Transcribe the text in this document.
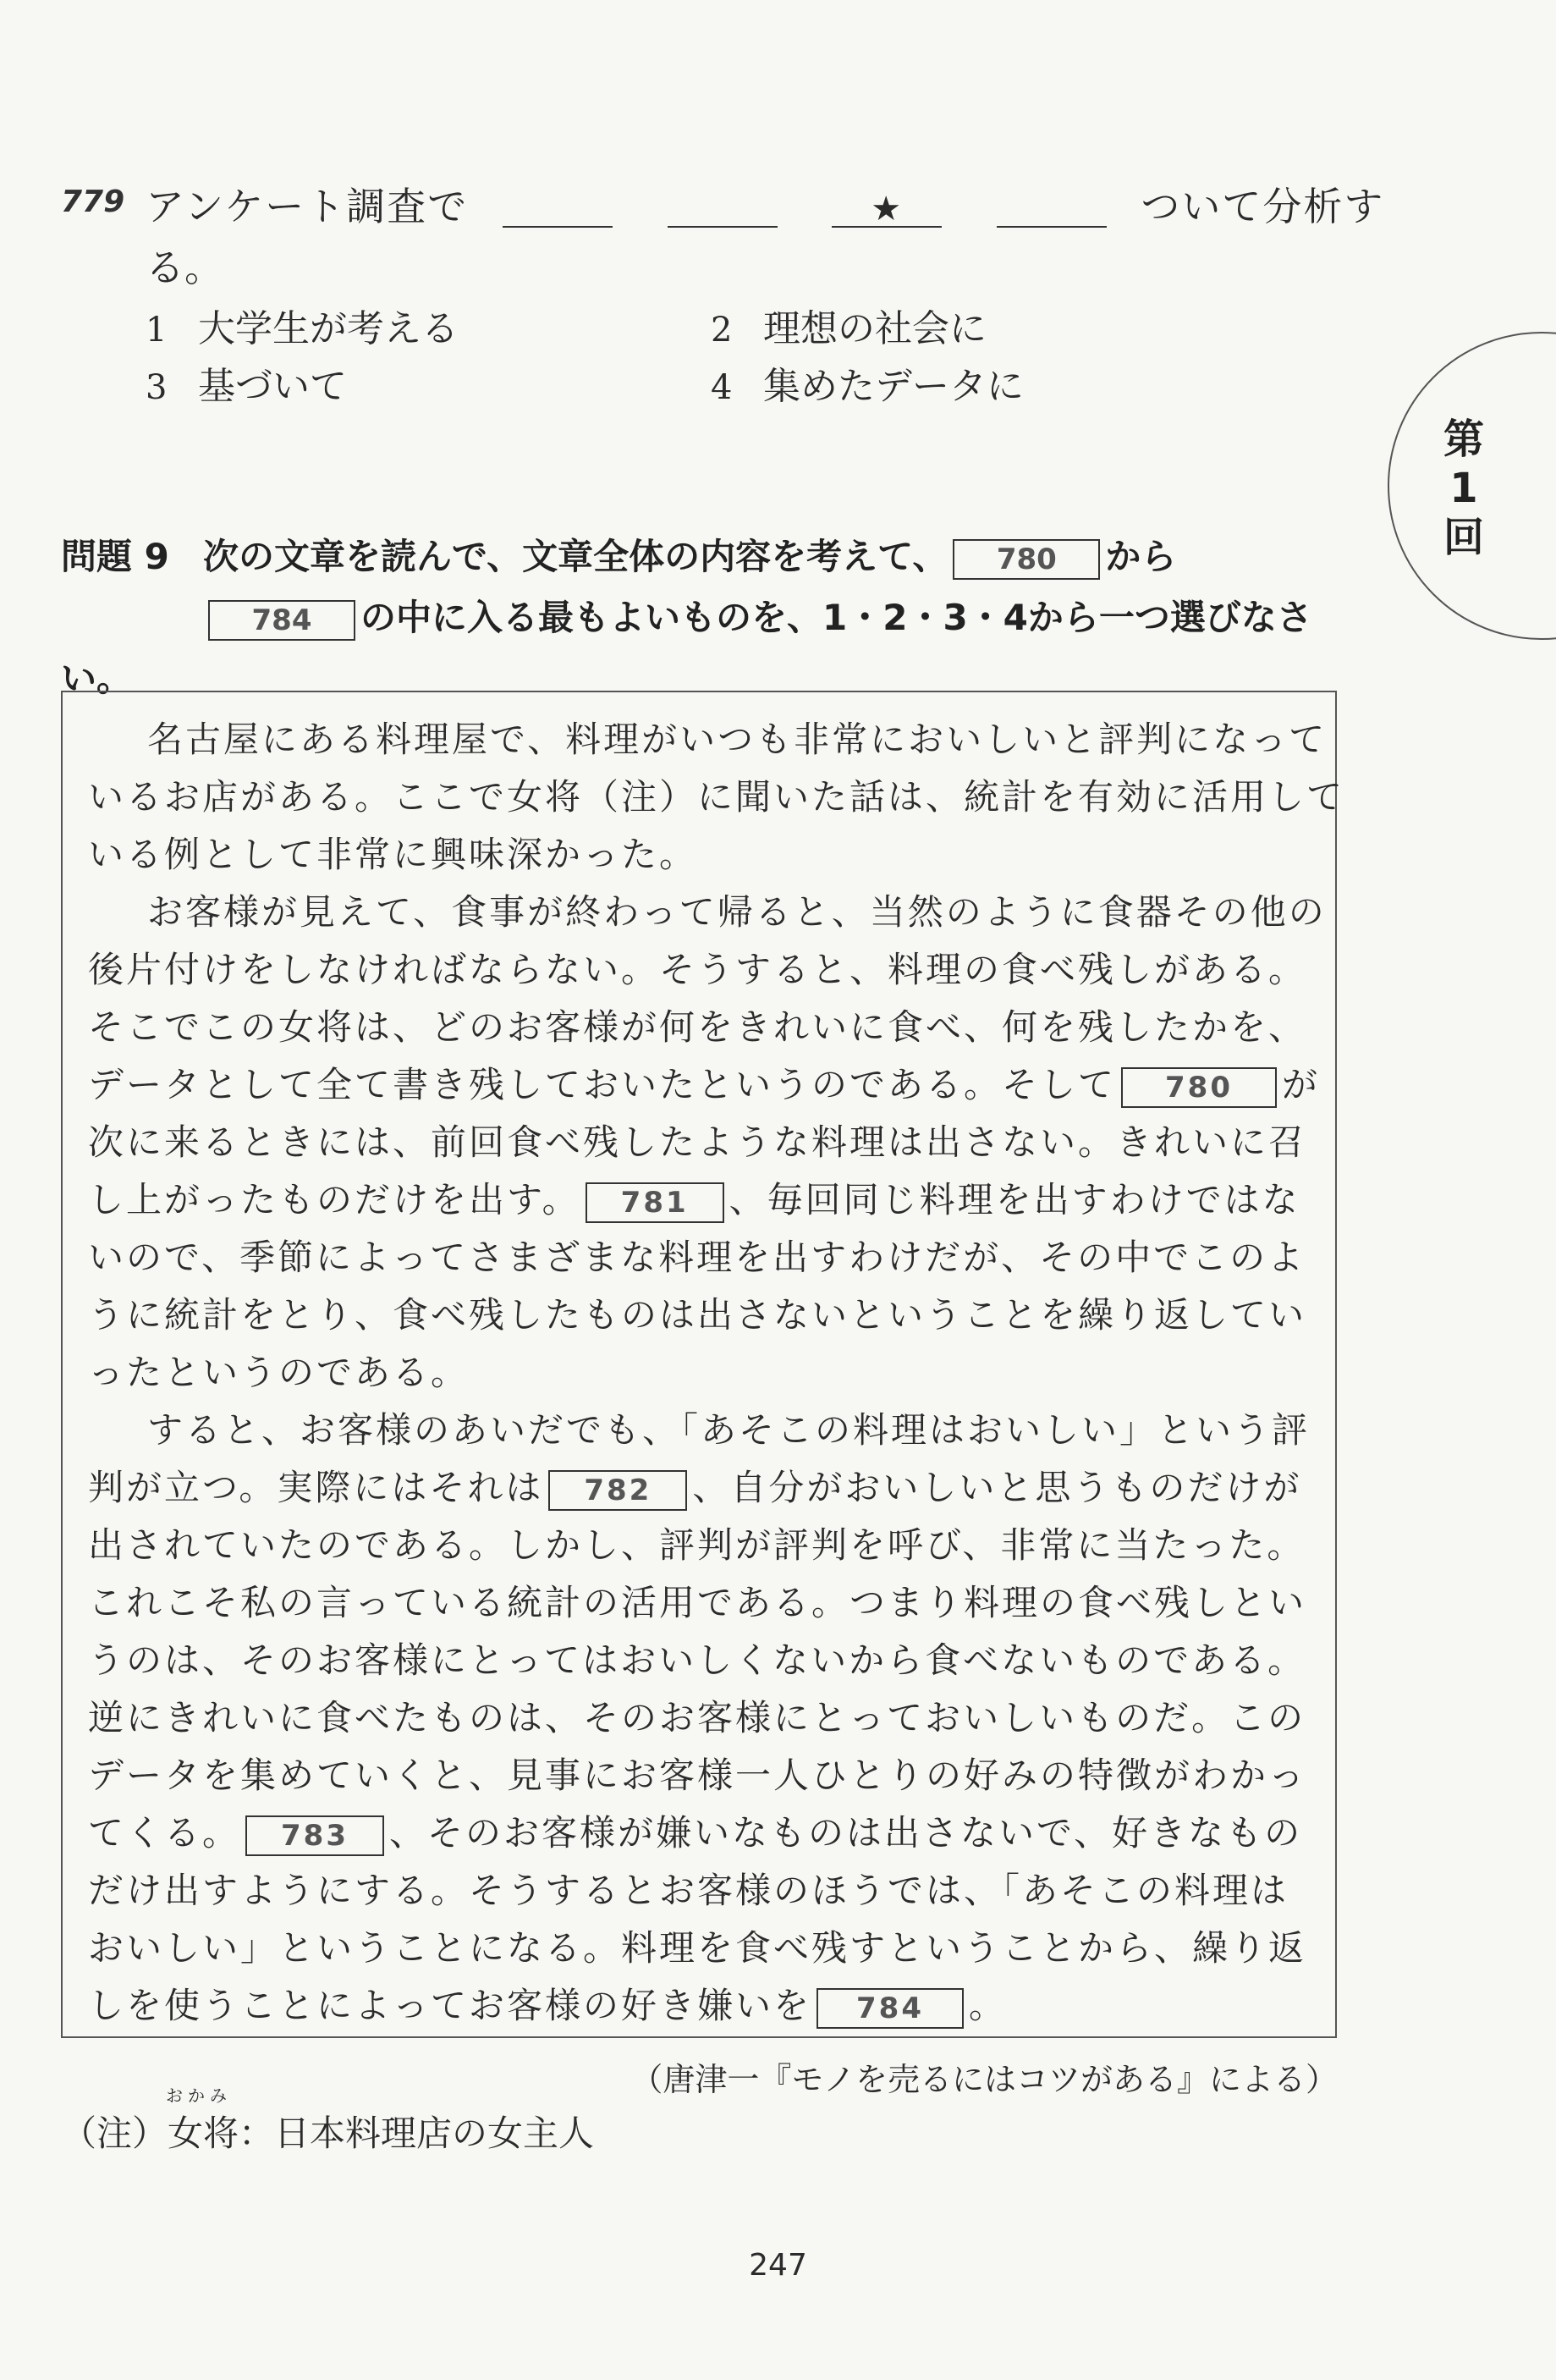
779 アンケート調査で	★	ついて分析す
る。
1 大学生が考える	2 理想の社会に
3 基づいて	4 集めたデータに
第
1
回
問題 9 次の文章を読んで、文章全体の内容を考えて、 780 から
784 の中に入る最もよいものを、1・2・3・4から一つ選びなさい。
名古屋にある料理屋で、料理がいつも非常においしいと評判になって
いるお店がある。ここで女将（注）に聞いた話は、統計を有効に活用して
いる例として非常に興味深かった。
お客様が見えて、食事が終わって帰ると、当然のように食器その他の
後片付けをしなければならない。そうすると、料理の食べ残しがある。
そこでこの女将は、どのお客様が何をきれいに食べ、何を残したかを、
データとして全て書き残しておいたというのである。そして 780 が
次に来るときには、前回食べ残したような料理は出さない。きれいに召
し上がったものだけを出す。 781 、毎回同じ料理を出すわけではな
いので、季節によってさまざまな料理を出すわけだが、その中でこのよ
うに統計をとり、食べ残したものは出さないということを繰り返してい
ったというのである。
すると、お客様のあいだでも、「あそこの料理はおいしい」という評
判が立つ。実際にはそれは 782 、自分がおいしいと思うものだけが
出されていたのである。しかし、評判が評判を呼び、非常に当たった。
これこそ私の言っている統計の活用である。つまり料理の食べ残しとい
うのは、そのお客様にとってはおいしくないから食べないものである。
逆にきれいに食べたものは、そのお客様にとっておいしいものだ。この
データを集めていくと、見事にお客様一人ひとりの好みの特徴がわかっ
てくる。 783 、そのお客様が嫌いなものは出さないで、好きなもの
だけ出すようにする。そうするとお客様のほうでは、「あそこの料理は
おいしい」ということになる。料理を食べ残すということから、繰り返
しを使うことによってお客様の好き嫌いを 784 。
（唐津一『モノを売るにはコツがある』による）
おかみ
（注）女将：日本料理店の女主人
247
